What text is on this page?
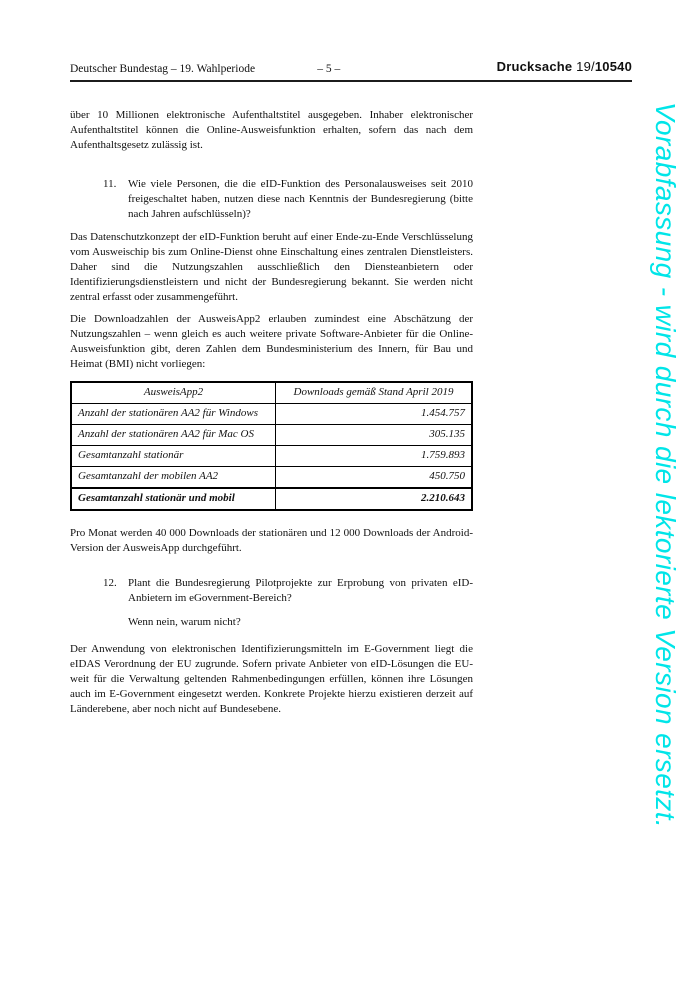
Deutscher Bundestag – 19. Wahlperiode	– 5 –	Drucksache 19/10540
Vorabfassung - wird durch die lektorierte Version ersetzt.

über 10 Millionen elektronische Aufenthaltstitel ausgegeben. Inhaber elektronischer Aufenthaltstitel können die Online-Ausweisfunktion erhalten, sofern das nach dem Aufenthaltsgesetz zulässig ist.

11.	Wie viele Personen, die die eID-Funktion des Personalausweises seit 2010 freigeschaltet haben, nutzen diese nach Kenntnis der Bundesregierung (bitte nach Jahren aufschlüsseln)?

Das Datenschutzkonzept der eID-Funktion beruht auf einer Ende-zu-Ende Verschlüsselung vom Ausweischip bis zum Online-Dienst ohne Einschaltung eines zentralen Dienstleisters. Daher sind die Nutzungszahlen ausschließlich den Diensteanbietern oder Identifizierungsdienstleistern und nicht der Bundesregierung bekannt. Sie werden nicht zentral erfasst oder zusammengeführt.

Die Downloadzahlen der AusweisApp2 erlauben zumindest eine Abschätzung der Nutzungszahlen – wenn gleich es auch weitere private Software-Anbieter für die Online-Ausweisfunktion gibt, deren Zahlen dem Bundesministerium des Innern, für Bau und Heimat (BMI) nicht vorliegen:

AusweisApp2	Downloads gemäß Stand April 2019
Anzahl der stationären AA2 für Windows	1.454.757
Anzahl der stationären AA2 für Mac OS	305.135
Gesamtanzahl stationär	1.759.893
Gesamtanzahl der mobilen AA2	450.750
Gesamtanzahl stationär und mobil	2.210.643

Pro Monat werden 40 000 Downloads der stationären und 12 000 Downloads der Android-Version der AusweisApp durchgeführt.

12.	Plant die Bundesregierung Pilotprojekte zur Erprobung von privaten eID-Anbietern im eGovernment-Bereich?
Wenn nein, warum nicht?

Der Anwendung von elektronischen Identifizierungsmitteln im E-Government liegt die eIDAS Verordnung der EU zugrunde. Sofern private Anbieter von eID-Lösungen die EU-weit für die Verwaltung geltenden Rahmenbedingungen erfüllen, können ihre Lösungen auch im E-Government eingesetzt werden. Konkrete Projekte hierzu existieren derzeit auf Länderebene, aber noch nicht auf Bundesebene.
